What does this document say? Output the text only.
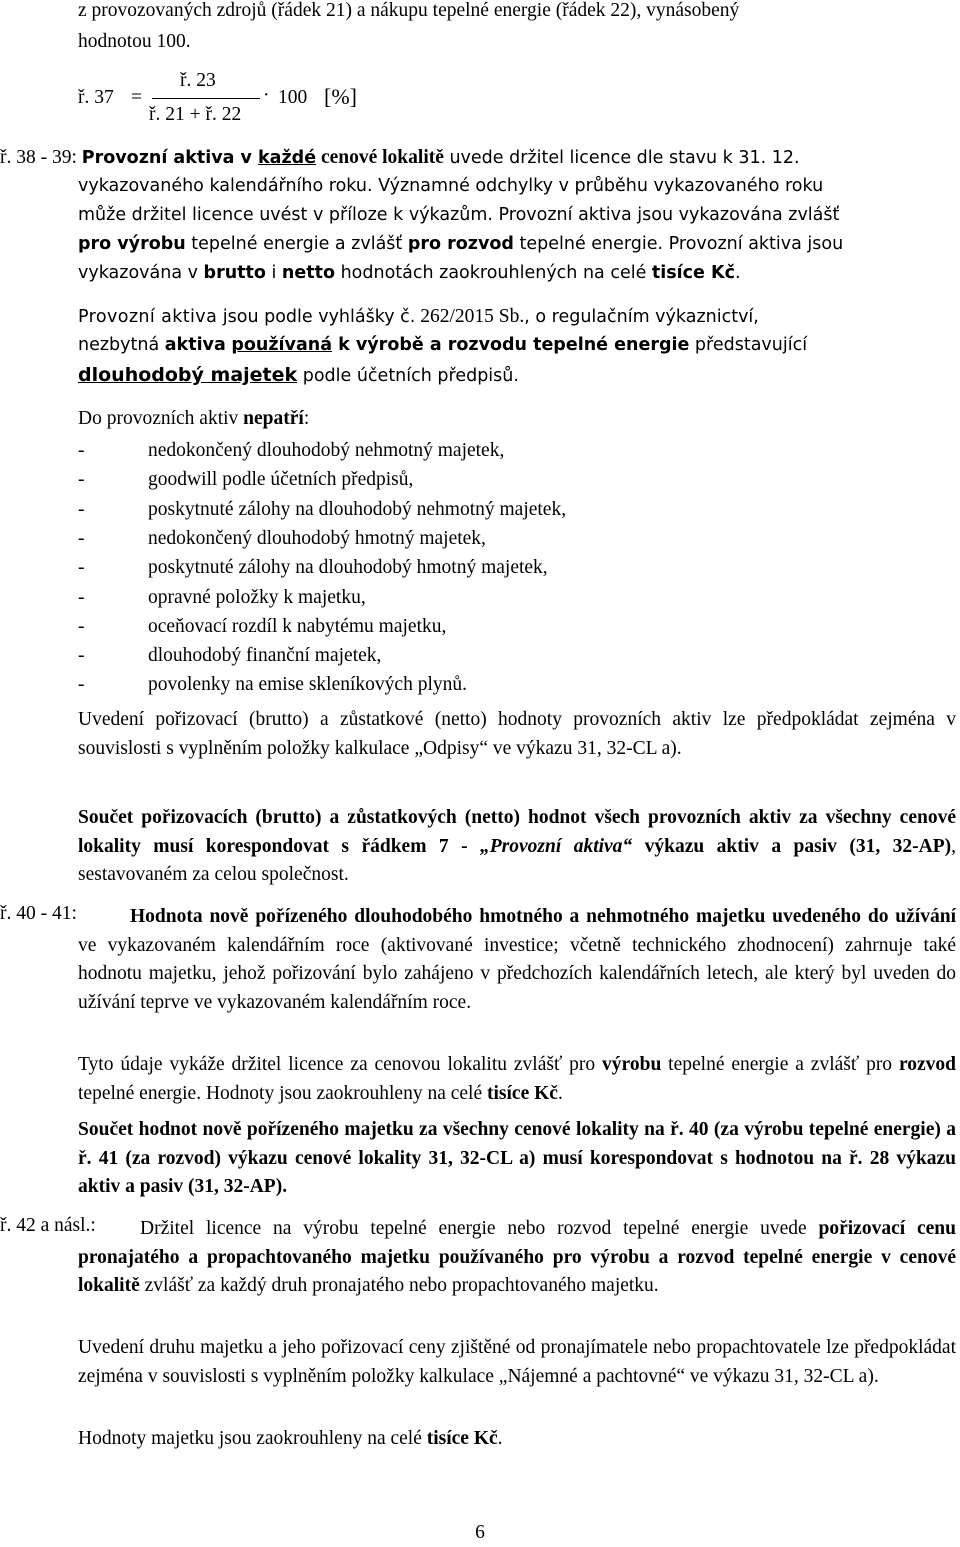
z provozovaných zdrojů (řádek 21) a nákupu tepelné energie (řádek 22), vynásobený
hodnotou 100.
ř. 37 =
ř. 23
ř. 21 + ř. 22
· 100 [%]
ř. 38 - 39: Provozní aktiva v každé cenové lokalitě uvede držitel licence dle stavu k 31. 12.
vykazovaného kalendářního roku. Významné odchylky v průběhu vykazovaného roku
může držitel licence uvést v příloze k výkazům. Provozní aktiva jsou vykazována zvlášť
pro výrobu tepelné energie a zvlášť pro rozvod tepelné energie. Provozní aktiva jsou
vykazována v brutto i netto hodnotách zaokrouhlených na celé tisíce Kč.
Provozní aktiva jsou podle vyhlášky č. 262/2015 Sb., o regulačním výkaznictví,
nezbytná aktiva používaná k výrobě a rozvodu tepelné energie představující
dlouhodobý majetek podle účetních předpisů.
Do provozních aktiv nepatří:
-	nedokončený dlouhodobý nehmotný majetek,
-	goodwill podle účetních předpisů,
-	poskytnuté zálohy na dlouhodobý nehmotný majetek,
-	nedokončený dlouhodobý hmotný majetek,
-	poskytnuté zálohy na dlouhodobý hmotný majetek,
-	opravné položky k majetku,
-	oceňovací rozdíl k nabytému majetku,
-	dlouhodobý finanční majetek,
-	povolenky na emise skleníkových plynů.
Uvedení pořizovací (brutto) a zůstatkové (netto) hodnoty provozních aktiv lze předpokládat zejména v souvislosti s vyplněním položky kalkulace „Odpisy“ ve výkazu 31, 32-CL a).
Součet pořizovacích (brutto) a zůstatkových (netto) hodnot všech provozních aktiv za všechny cenové lokality musí korespondovat s řádkem 7 - „Provozní aktiva“ výkazu aktiv a pasiv (31, 32-AP), sestavovaném za celou společnost.
ř. 40 - 41:	Hodnota nově pořízeného dlouhodobého hmotného a nehmotného majetku uvedeného do užívání ve vykazovaném kalendářním roce (aktivované investice; včetně technického zhodnocení) zahrnuje také hodnotu majetku, jehož pořizování bylo zahájeno v předchozích kalendářních letech, ale který byl uveden do užívání teprve ve vykazovaném kalendářním roce.
Tyto údaje vykáže držitel licence za cenovou lokalitu zvlášť pro výrobu tepelné energie a zvlášť pro rozvod tepelné energie. Hodnoty jsou zaokrouhleny na celé tisíce Kč.
Součet hodnot nově pořízeného majetku za všechny cenové lokality na ř. 40 (za výrobu tepelné energie) a ř. 41 (za rozvod) výkazu cenové lokality 31, 32-CL a) musí korespondovat s hodnotou na ř. 28 výkazu aktiv a pasiv (31, 32-AP).
ř. 42 a násl.:	Držitel licence na výrobu tepelné energie nebo rozvod tepelné energie uvede pořizovací cenu pronajatého a propachtovaného majetku používaného pro výrobu a rozvod tepelné energie v cenové lokalitě zvlášť za každý druh pronajatého nebo propachtovaného majetku.
Uvedení druhu majetku a jeho pořizovací ceny zjištěné od pronajímatele nebo propachtovatele lze předpokládat zejména v souvislosti s vyplněním položky kalkulace „Nájemné a pachtovné“ ve výkazu 31, 32-CL a).
Hodnoty majetku jsou zaokrouhleny na celé tisíce Kč.
6
